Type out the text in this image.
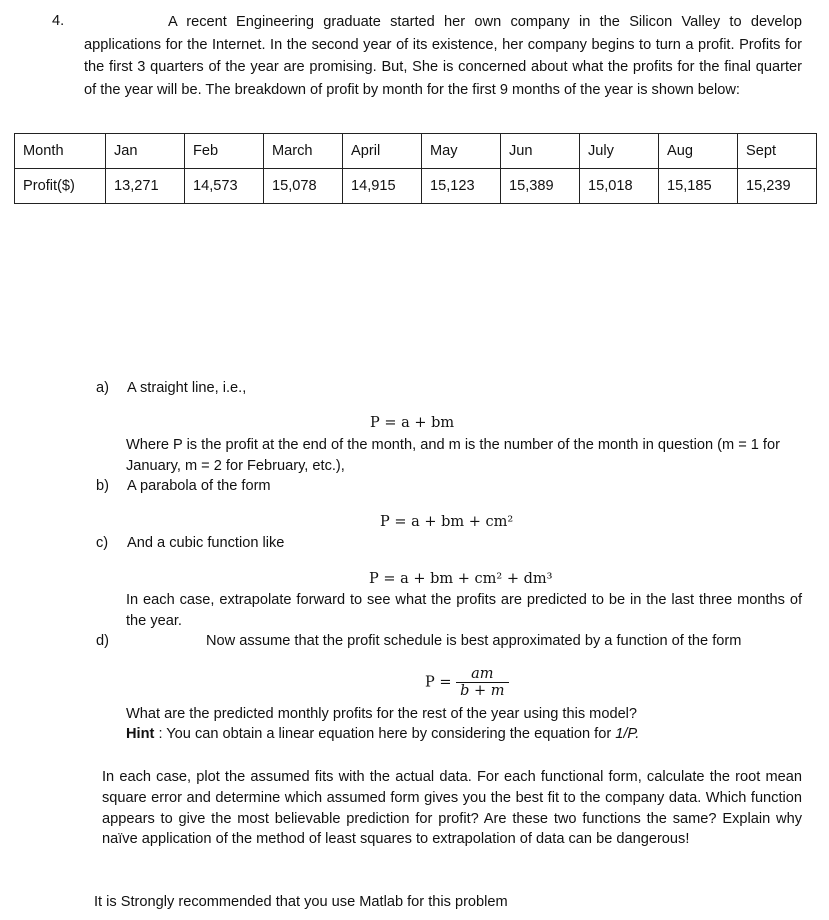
4.	A recent Engineering graduate started her own company in the Silicon Valley to develop applications for the Internet. In the second year of its existence, her company begins to turn a profit. Profits for the first 3 quarters of the year are promising. But, She is concerned about what the profits for the final quarter of the year will be. The breakdown of profit by month for the first 9 months of the year is shown below:
Month	Jan	Feb	March	April	May	Jun	July	Aug	Sept
Profit($)	13,271	14,573	15,078	14,915	15,123	15,389	15,018	15,185	15,239
a) A straight line, i.e.,
P = a + bm
Where P is the profit at the end of the month, and m is the number of the month in question (m = 1 for January, m = 2 for February, etc.),
b) A parabola of the form
P = a + bm + cm²
c) And a cubic function like
P = a + bm + cm² + dm³
In each case, extrapolate forward to see what the profits are predicted to be in the last three months of the year.
d)	Now assume that the profit schedule is best approximated by a function of the form
$P = \frac{am}{b + m}$
What are the predicted monthly profits for the rest of the year using this model?
Hint : You can obtain a linear equation here by considering the equation for 1/P.
In each case, plot the assumed fits with the actual data. For each functional form, calculate the root mean square error and determine which assumed form gives you the best fit to the company data. Which function appears to give the most believable prediction for profit? Are these two functions the same? Explain why naïve application of the method of least squares to extrapolation of data can be dangerous!
It is Strongly recommended that you use Matlab for this problem
